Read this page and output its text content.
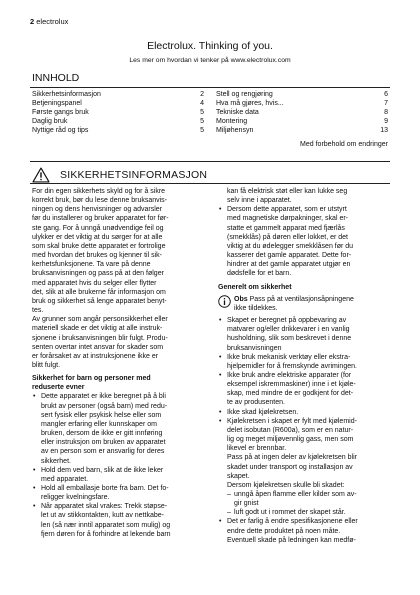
2 electrolux
Electrolux. Thinking of you.
Les mer om hvordan vi tenker på www.electrolux.com
INNHOLD
Sikkerhetsinformasjon	2
Betjeningspanel	4
Første gangs bruk	5
Daglig bruk	5
Nyttige råd og tips	5
Stell og rengjøring	6
Hva må gjøres, hvis...	7
Tekniske data	8
Montering	9
Miljøhensyn	13
Med forbehold om endringer
SIKKERHETSINFORMASJON

For din egen sikkerhets skyld og for å sikre
korrekt bruk, bør du lese denne bruksanvis-
ningen og dens henvisninger og advarsler
før du installerer og bruker apparatet for før-
ste gang. For å unngå unødvendige feil og
ulykker er det viktig at du sørger for at alle
som skal bruke dette apparatet er fortrolige
med hvordan det brukes og kjenner til sik-
kerhetsfunksjonene. Ta vare på denne
bruksanvisningen og pass på at den følger
med apparatet hvis du selger eller flytter
det, slik at alle brukerne får informasjon om
bruk og sikkerhet så lenge apparatet benyt-
tes.

Av grunner som angår personsikkerhet eller
materiell skade er det viktig at alle instruk-
sjonene i bruksanvisningen blir fulgt. Produ-
senten overtar intet ansvar for skader som
er forårsaket av at instruksjonene ikke er
blitt fulgt.

Sikkerhet for barn og personer med
reduserte evner

• Dette apparatet er ikke beregnet på å bli
brukt av personer (også barn) med redu-
sert fysisk eller psykisk helse eller som
mangler erfaring eller kunnskaper om
bruken, dersom de ikke er gitt innføring
eller instruksjon om bruken av apparatet
av en person som er ansvarlig for deres
sikkerhet.
• Hold dem ved barn, slik at de ikke leker
med apparatet.
• Hold all emballasje borte fra barn. Det fo-
religger kvelningsfare.
• Når apparatet skal vrakes: Trekk støpse-
let ut av stikkontakten, kutt av nettkabe-
len (så nær inntil apparatet som mulig) og
fjern døren for å forhindre at lekende barn

kan få elektrisk støt eller kan lukke seg
selv inne i apparatet.

• Dersom dette apparatet, som er utstyrt
med magnetiske dørpakninger, skal er-
statte et gammelt apparat med fjærlås
(smekklås) på døren eller lokket, er det
viktig at du ødelegger smekklåsen før du
kasserer det gamle apparatet. Dette for-
hindrer at det gamle apparatet utgjør en
dødsfelle for et barn.

Generelt om sikkerhet

Obs Pass på at ventilasjonsåpningene
ikke tildekkes.
• Skapet er beregnet på oppbevaring av
matvarer og/eller drikkevarer i en vanlig
husholdning, slik som beskrevet i denne
bruksanvisningen
• Ikke bruk mekanisk verktøy eller ekstra-
hjelpemidler for å fremskynde avrimingen.
• Ikke bruk andre elektriske apparater (for
eksempel iskremmaskiner) inne i et kjøle-
skap, med mindre de er godkjent for det-
te av produsenten.
• Ikke skad kjølekretsen.
• Kjølekretsen i skapet er fylt med kjølemid-
delet isobutan (R600a), som er en natur-
lig og meget miljøvennlig gass, men som
likevel er brennbar.
Pass på at ingen deler av kjølekretsen blir
skadet under transport og installasjon av
skapet.
Dersom kjølekretsen skulle bli skadet:
– unngå åpen flamme eller kilder som av-
gir gnist
– luft godt ut i rommet der skapet står.
• Det er farlig å endre spesifikasjonene eller
endre dette produktet på noen måte.
Eventuell skade på ledningen kan medfø-
